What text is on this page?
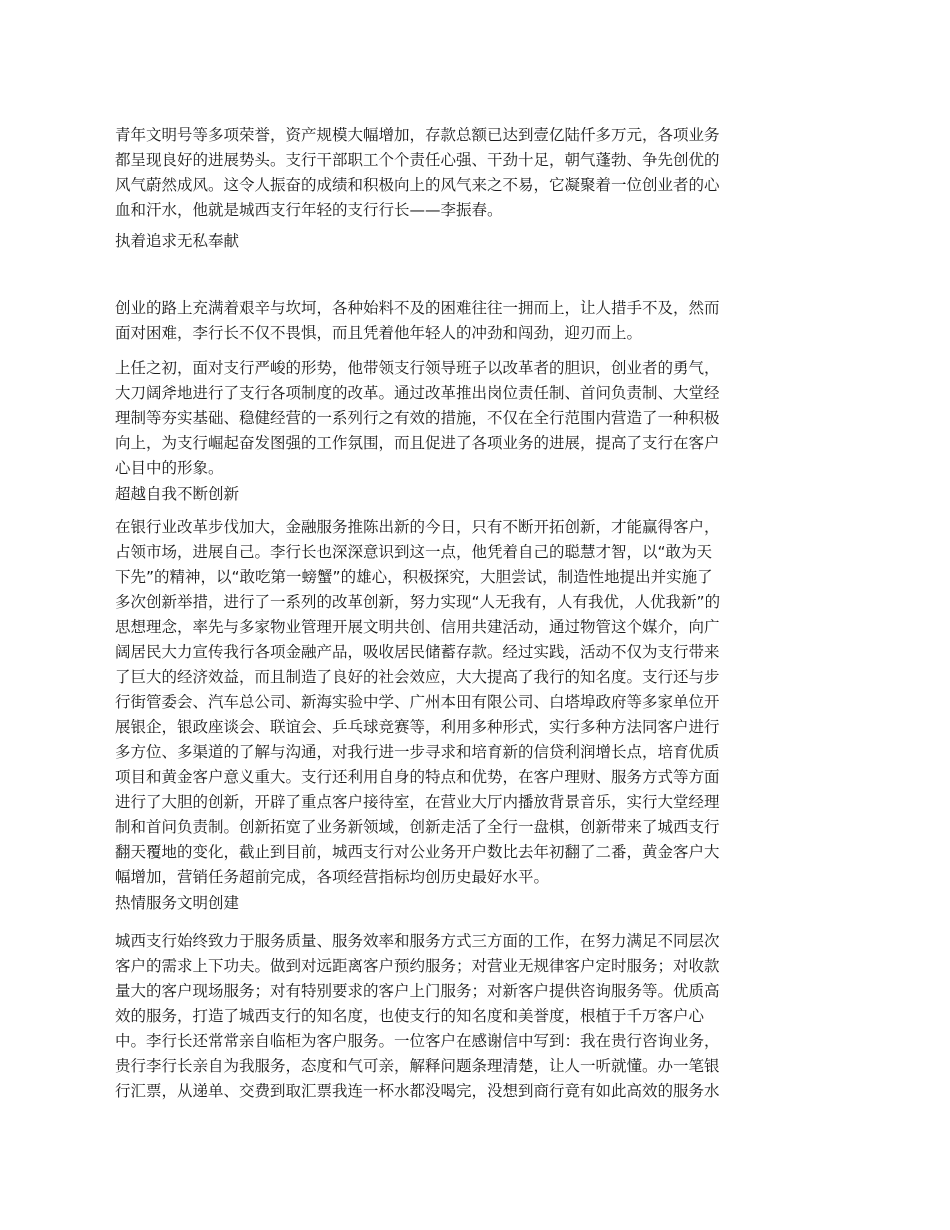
青年文明号等多项荣誉，资产规模大幅增加，存款总额已达到壹亿陆仟多万元，各项业务
都呈现良好的进展势头。支行干部职工个个责任心强、干劲十足，朝气蓬勃、争先创优的
风气蔚然成风。这令人振奋的成绩和积极向上的风气来之不易，它凝聚着一位创业者的心
血和汗水，他就是城西支行年轻的支行行长——李振春。
执着追求无私奉献
创业的路上充满着艰辛与坎坷，各种始料不及的困难往往一拥而上，让人措手不及，然而
面对困难，李行长不仅不畏惧，而且凭着他年轻人的冲劲和闯劲，迎刃而上。
上任之初，面对支行严峻的形势，他带领支行领导班子以改革者的胆识，创业者的勇气，
大刀阔斧地进行了支行各项制度的改革。通过改革推出岗位责任制、首问负责制、大堂经
理制等夯实基础、稳健经营的一系列行之有效的措施，不仅在全行范围内营造了一种积极
向上，为支行崛起奋发图强的工作氛围，而且促进了各项业务的进展，提高了支行在客户
心目中的形象。
超越自我不断创新
在银行业改革步伐加大，金融服务推陈出新的今日，只有不断开拓创新，才能赢得客户，
占领市场，进展自己。李行长也深深意识到这一点，他凭着自己的聪慧才智，以“敢为天
下先”的精神，以“敢吃第一螃蟹”的雄心，积极探究，大胆尝试，制造性地提出并实施了
多次创新举措，进行了一系列的改革创新，努力实现“人无我有，人有我优，人优我新”的
思想理念，率先与多家物业管理开展文明共创、信用共建活动，通过物管这个媒介，向广
阔居民大力宣传我行各项金融产品，吸收居民储蓄存款。经过实践，活动不仅为支行带来
了巨大的经济效益，而且制造了良好的社会效应，大大提高了我行的知名度。支行还与步
行街管委会、汽车总公司、新海实验中学、广州本田有限公司、白塔埠政府等多家单位开
展银企，银政座谈会、联谊会、乒乓球竞赛等，利用多种形式，实行多种方法同客户进行
多方位、多渠道的了解与沟通，对我行进一步寻求和培育新的信贷利润增长点，培育优质
项目和黄金客户意义重大。支行还利用自身的特点和优势，在客户理财、服务方式等方面
进行了大胆的创新，开辟了重点客户接待室，在营业大厅内播放背景音乐，实行大堂经理
制和首问负责制。创新拓宽了业务新领域，创新走活了全行一盘棋，创新带来了城西支行
翻天覆地的变化，截止到目前，城西支行对公业务开户数比去年初翻了二番，黄金客户大
幅增加，营销任务超前完成，各项经营指标均创历史最好水平。
热情服务文明创建
城西支行始终致力于服务质量、服务效率和服务方式三方面的工作，在努力满足不同层次
客户的需求上下功夫。做到对远距离客户预约服务；对营业无规律客户定时服务；对收款
量大的客户现场服务；对有特别要求的客户上门服务；对新客户提供咨询服务等。优质高
效的服务，打造了城西支行的知名度，也使支行的知名度和美誉度，根植于千万客户心
中。李行长还常常亲自临柜为客户服务。一位客户在感谢信中写到：我在贵行咨询业务，
贵行李行长亲自为我服务，态度和气可亲，解释问题条理清楚，让人一听就懂。办一笔银
行汇票，从递单、交费到取汇票我连一杯水都没喝完，没想到商行竟有如此高效的服务水
